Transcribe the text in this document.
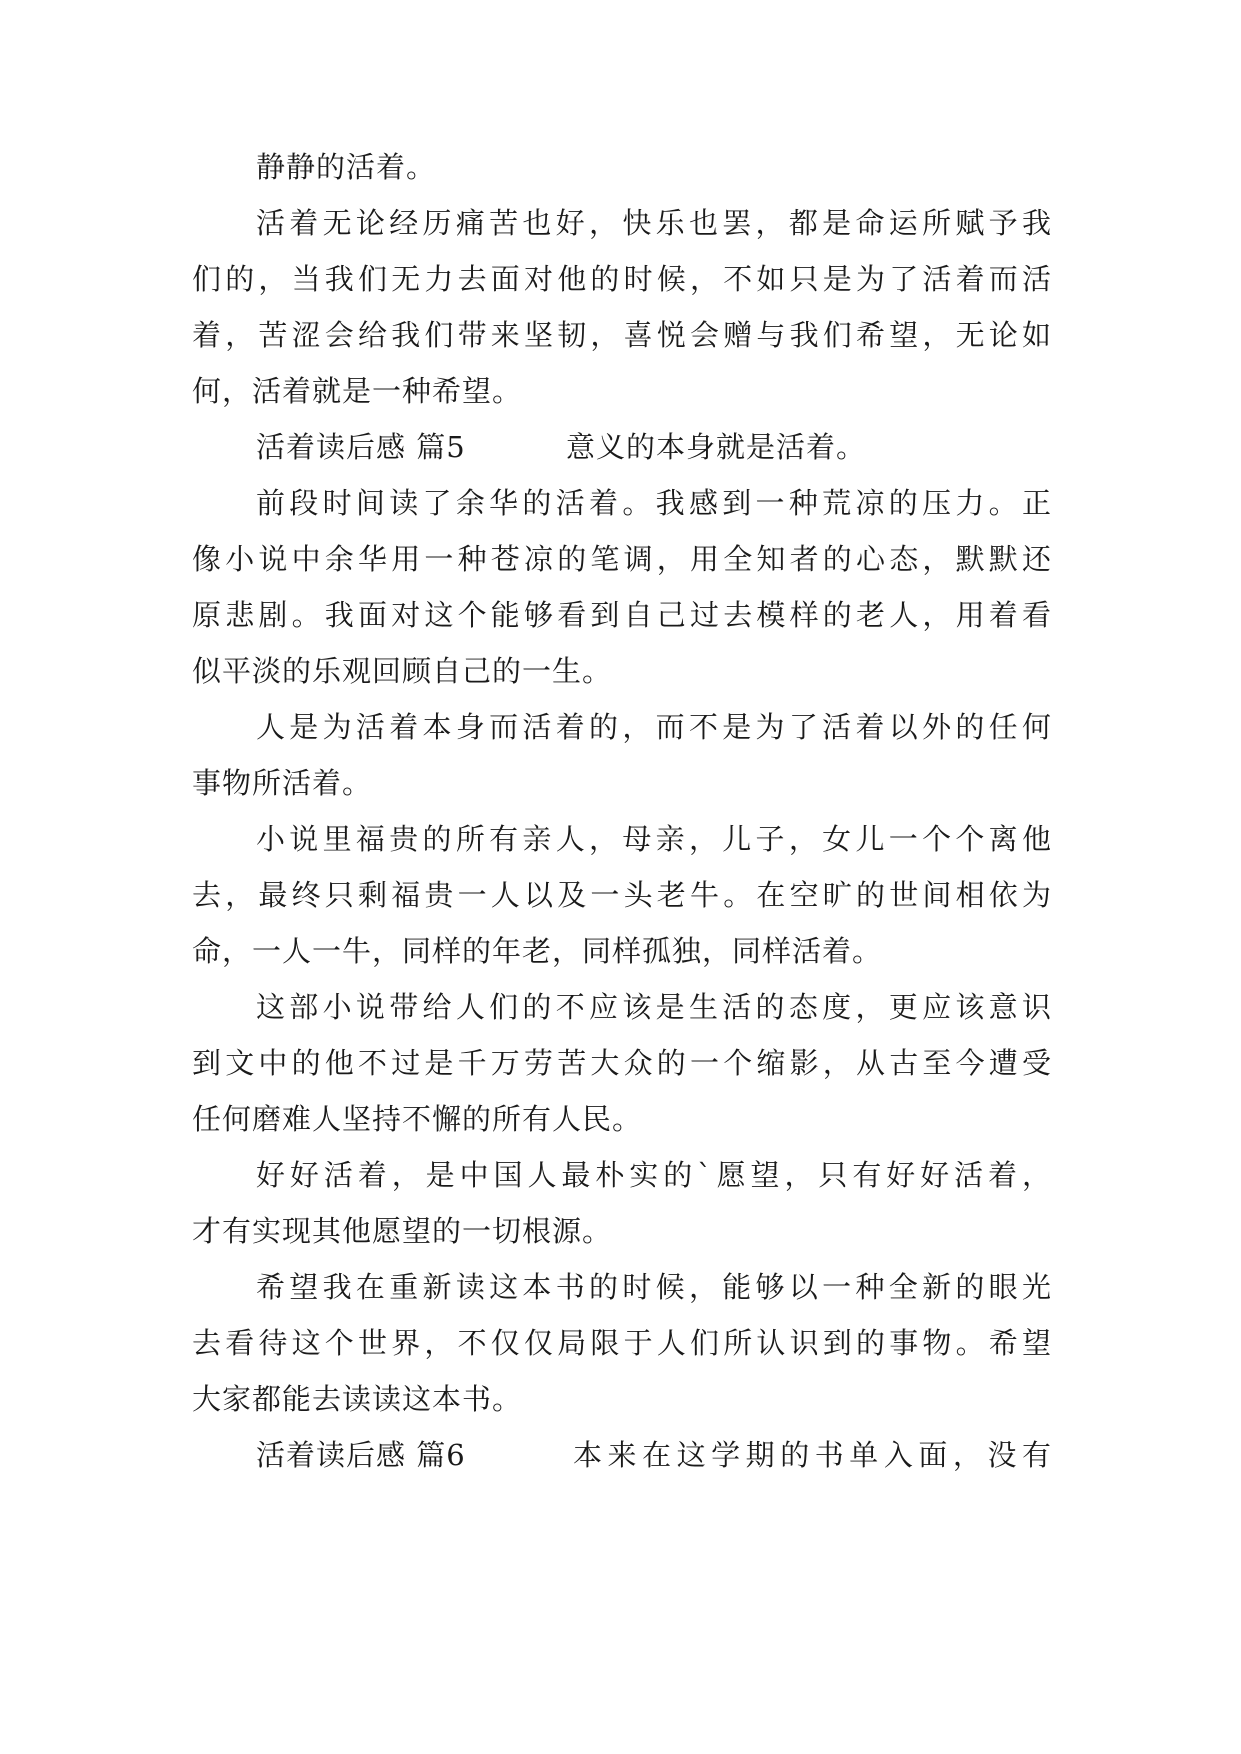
静静的活着。
活着无论经历痛苦也好，快乐也罢，都是命运所赋予我
们的，当我们无力去面对他的时候，不如只是为了活着而活
着，苦涩会给我们带来坚韧，喜悦会赠与我们希望，无论如
何，活着就是一种希望。
活着读后感 篇5	意义的本身就是活着。
前段时间读了余华的活着。我感到一种荒凉的压力。正
像小说中余华用一种苍凉的笔调，用全知者的心态，默默还
原悲剧。我面对这个能够看到自己过去模样的老人，用着看
似平淡的乐观回顾自己的一生。
人是为活着本身而活着的，而不是为了活着以外的任何
事物所活着。
小说里福贵的所有亲人，母亲，儿子，女儿一个个离他
去，最终只剩福贵一人以及一头老牛。在空旷的世间相依为
命，一人一牛，同样的年老，同样孤独，同样活着。
这部小说带给人们的不应该是生活的态度，更应该意识
到文中的他不过是千万劳苦大众的一个缩影，从古至今遭受
任何磨难人坚持不懈的所有人民。
好好活着，是中国人最朴实的`愿望，只有好好活着，
才有实现其他愿望的一切根源。
希望我在重新读这本书的时候，能够以一种全新的眼光
去看待这个世界，不仅仅局限于人们所认识到的事物。希望
大家都能去读读这本书。
活着读后感 篇6	本来在这学期的书单入面，没有
